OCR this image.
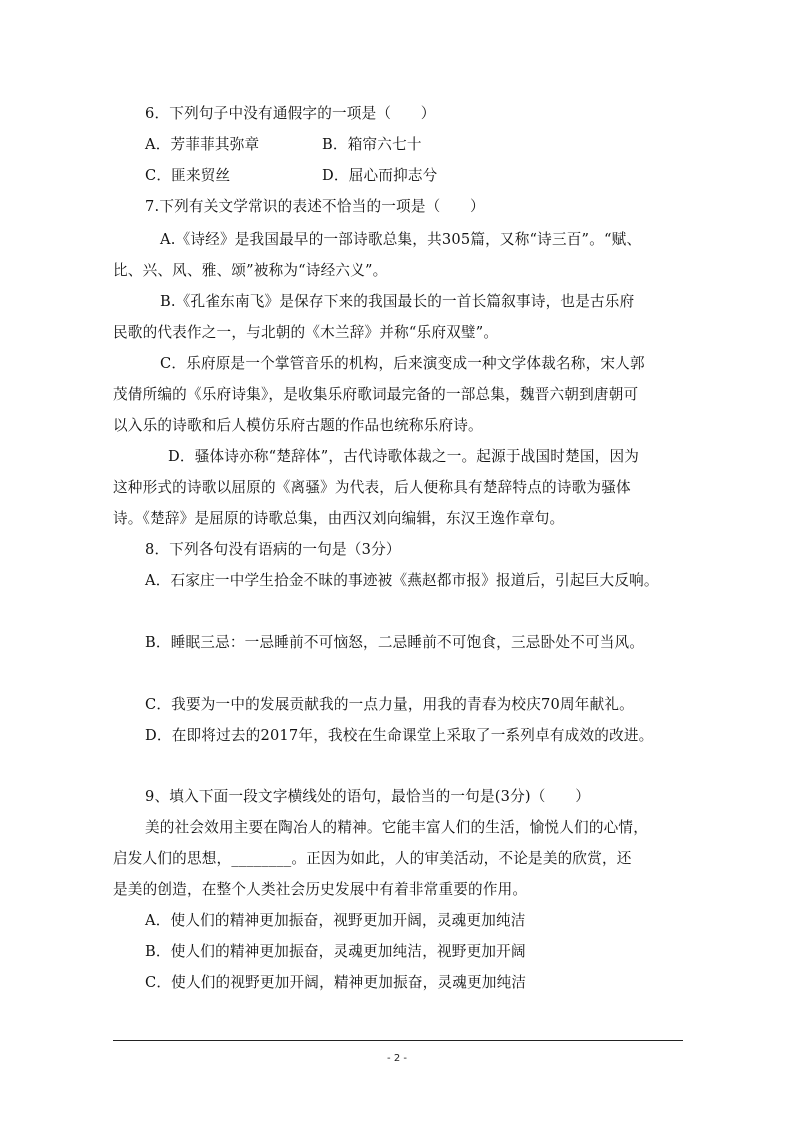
6．下列句子中没有通假字的一项是（　　）
A．芳菲菲其弥章	B．箱帘六七十
C．匪来贸丝	D．屈心而抑志兮
7.下列有关文学常识的表述不恰当的一项是（　　）
A.《诗经》是我国最早的一部诗歌总集，共305篇，又称“诗三百”。“赋、
比、兴、风、雅、颂”被称为“诗经六义”。
B.《孔雀东南飞》是保存下来的我国最长的一首长篇叙事诗，也是古乐府
民歌的代表作之一，与北朝的《木兰辞》并称“乐府双璧”。
C．乐府原是一个掌管音乐的机构，后来演变成一种文学体裁名称，宋人郭
茂倩所编的《乐府诗集》，是收集乐府歌词最完备的一部总集，魏晋六朝到唐朝可
以入乐的诗歌和后人模仿乐府古题的作品也统称乐府诗。
D．骚体诗亦称“楚辞体”，古代诗歌体裁之一。起源于战国时楚国，因为
这种形式的诗歌以屈原的《离骚》为代表，后人便称具有楚辞特点的诗歌为骚体
诗。《楚辞》是屈原的诗歌总集，由西汉刘向编辑，东汉王逸作章句。
8．下列各句没有语病的一句是（3分）
A．石家庄一中学生拾金不昧的事迹被《燕赵都市报》报道后，引起巨大反响。
B．睡眠三忌：一忌睡前不可恼怒，二忌睡前不可饱食，三忌卧处不可当风。
C．我要为一中的发展贡献我的一点力量，用我的青春为校庆70周年献礼。
D．在即将过去的2017年，我校在生命课堂上采取了一系列卓有成效的改进。
9、填入下面一段文字横线处的语句，最恰当的一句是(3分)（　　）
美的社会效用主要在陶冶人的精神。它能丰富人们的生活，愉悦人们的心情，
启发人们的思想，________。正因为如此，人的审美活动，不论是美的欣赏，还
是美的创造，在整个人类社会历史发展中有着非常重要的作用。
A．使人们的精神更加振奋，视野更加开阔，灵魂更加纯洁
B．使人们的精神更加振奋，灵魂更加纯洁，视野更加开阔
C．使人们的视野更加开阔，精神更加振奋，灵魂更加纯洁
- 2 -
